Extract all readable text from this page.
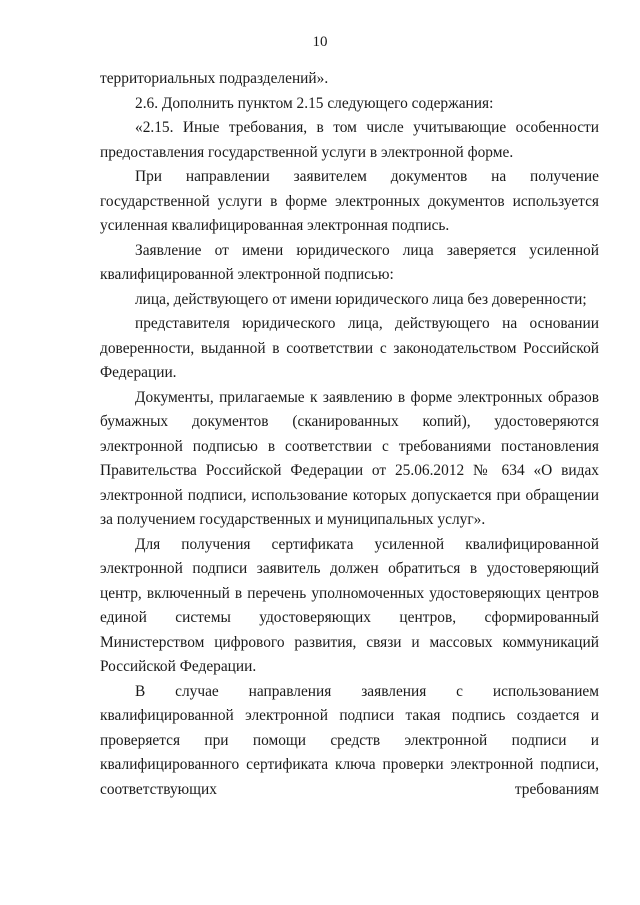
10

территориальных подразделений».

2.6. Дополнить пунктом 2.15 следующего содержания:

«2.15. Иные требования, в том числе учитывающие особенности предоставления государственной услуги в электронной форме.

При направлении заявителем документов на получение государственной услуги в форме электронных документов используется усиленная квалифицированная электронная подпись.

Заявление от имени юридического лица заверяется усиленной квалифицированной электронной подписью:

лица, действующего от имени юридического лица без доверенности;

представителя юридического лица, действующего на основании доверенности, выданной в соответствии с законодательством Российской Федерации.

Документы, прилагаемые к заявлению в форме электронных образов бумажных документов (сканированных копий), удостоверяются электронной подписью в соответствии с требованиями постановления Правительства Российской Федерации от 25.06.2012 № 634 «О видах электронной подписи, использование которых допускается при обращении за получением государственных и муниципальных услуг».

Для получения сертификата усиленной квалифицированной электронной подписи заявитель должен обратиться в удостоверяющий центр, включенный в перечень уполномоченных удостоверяющих центров единой системы удостоверяющих центров, сформированный Министерством цифрового развития, связи и массовых коммуникаций Российской Федерации.

В случае направления заявления с использованием квалифицированной электронной подписи такая подпись создается и проверяется при помощи средств электронной подписи и квалифицированного сертификата ключа проверки электронной подписи, соответствующих требованиям
